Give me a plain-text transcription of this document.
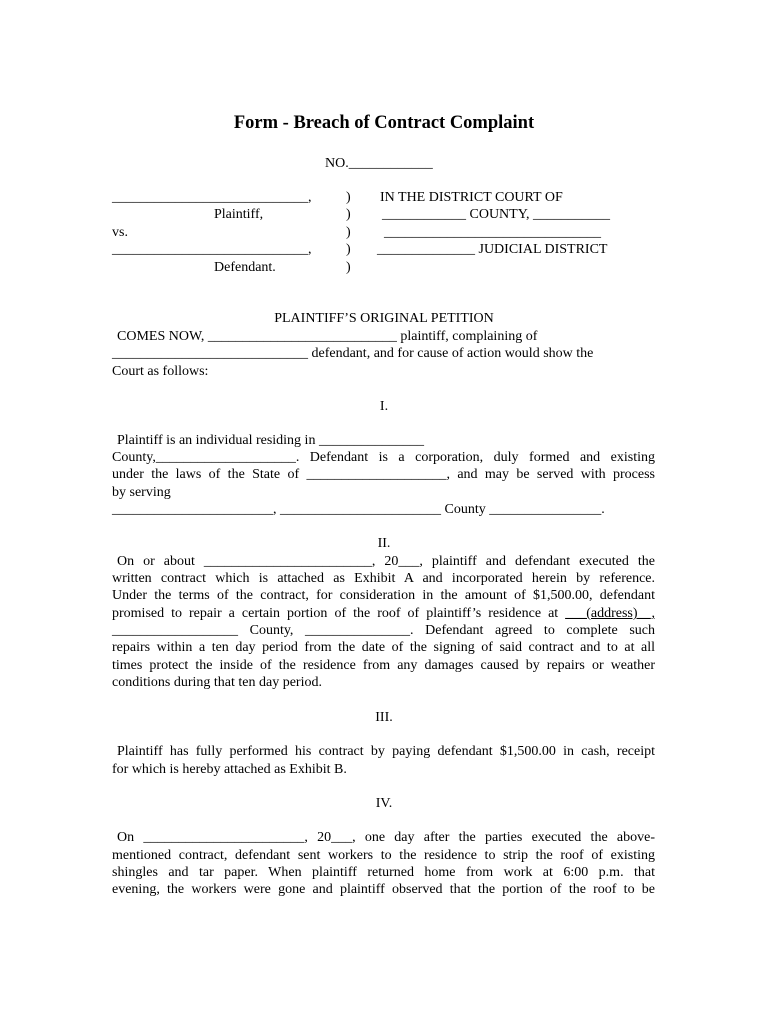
Form - Breach of Contract Complaint
NO.____________
____________________________,
Plaintiff,
vs.
____________________________,
Defendant.
)
)
)
)
)
IN THE DISTRICT COURT OF
____________ COUNTY, ___________
_______________________________
______________ JUDICIAL DISTRICT
PLAINTIFF’S ORIGINAL PETITION
COMES NOW, ___________________________ plaintiff, complaining of
____________________________ defendant, and for cause of action would show the
Court as follows:
I.
Plaintiff is an individual residing in _______________
County,____________________. Defendant is a corporation, duly formed and existing
under the laws of the State of ____________________, and may be served with process
by serving
_______________________, _______________________ County ________________.
II.
On or about ________________________, 20___, plaintiff and defendant executed the
written contract which is attached as Exhibit A and incorporated herein by reference.
Under the terms of the contract, for consideration in the amount of $1,500.00, defendant
promised to repair a certain portion of the roof of plaintiff’s residence at ___(address)__,
__________________ County, _______________. Defendant agreed to complete such
repairs within a ten day period from the date of the signing of said contract and to at all
times protect the inside of the residence from any damages caused by repairs or weather
conditions during that ten day period.
III.
Plaintiff has fully performed his contract by paying defendant $1,500.00 in cash, receipt
for which is hereby attached as Exhibit B.
IV.
On _______________________, 20___, one day after the parties executed the above-
mentioned contract, defendant sent workers to the residence to strip the roof of existing
shingles and tar paper. When plaintiff returned home from work at 6:00 p.m. that
evening, the workers were gone and plaintiff observed that the portion of the roof to be
